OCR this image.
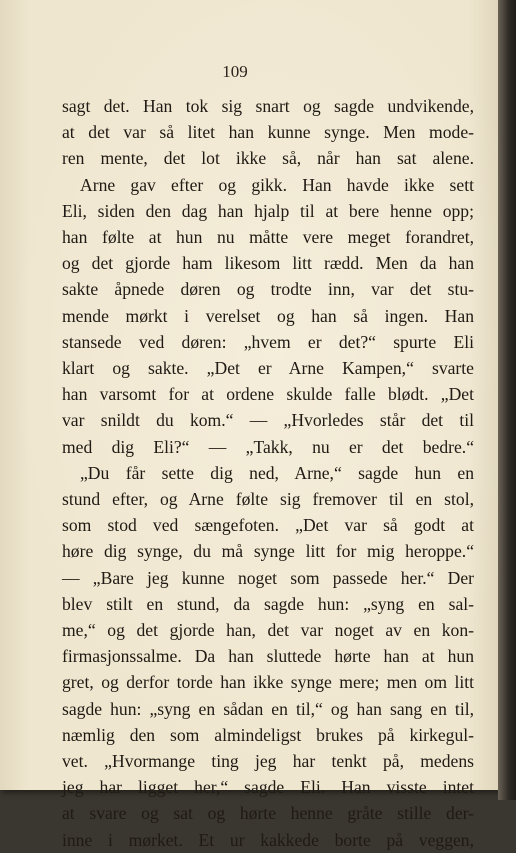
109
sagt det. Han tok sig snart og sagde undvikende,
at det var så litet han kunne synge. Men mode-
ren mente, det lot ikke så, når han sat alene.
Arne gav efter og gikk. Han havde ikke sett
Eli, siden den dag han hjalp til at bere henne opp;
han følte at hun nu måtte vere meget forandret,
og det gjorde ham likesom litt rædd. Men da han
sakte åpnede døren og trodte inn, var det stu-
mende mørkt i verelset og han så ingen. Han
stansede ved døren: „hvem er det?“ spurte Eli
klart og sakte. „Det er Arne Kampen,“ svarte
han varsomt for at ordene skulde falle blødt. „Det
var snildt du kom.“ — „Hvorledes står det til
med dig Eli?“ — „Takk, nu er det bedre.“
„Du får sette dig ned, Arne,“ sagde hun en
stund efter, og Arne følte sig fremover til en stol,
som stod ved sængefoten. „Det var så godt at
høre dig synge, du må synge litt for mig heroppe.“
— „Bare jeg kunne noget som passede her.“ Der
blev stilt en stund, da sagde hun: „syng en sal-
me,“ og det gjorde han, det var noget av en kon-
firmasjonssalme. Da han sluttede hørte han at hun
gret, og derfor torde han ikke synge mere; men om litt
sagde hun: „syng en sådan en til,“ og han sang en til,
næmlig den som almindeligst brukes på kirkegul-
vet. „Hvormange ting jeg har tenkt på, medens
jeg har ligget her,“ sagde Eli. Han visste intet
at svare og sat og hørte henne gråte stille der-
inne i mørket. Et ur kakkede borte på veggen,
